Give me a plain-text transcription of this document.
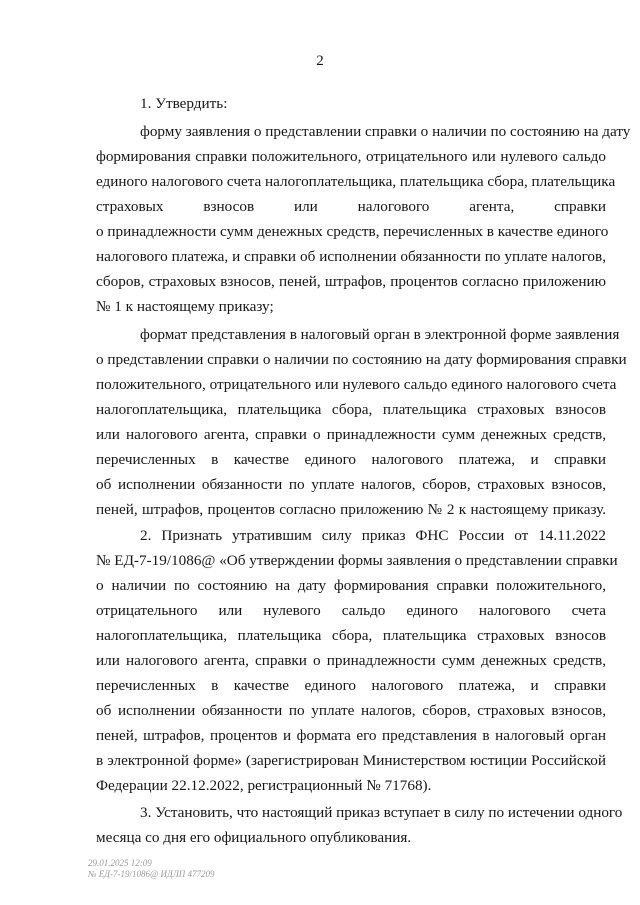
2
1. Утвердить:
форму заявления о представлении справки о наличии по состоянию на дату
формирования справки положительного, отрицательного или нулевого сальдо
единого налогового счета налогоплательщика, плательщика сбора, плательщика
страховых взносов или налогового агента, справки
о принадлежности сумм денежных средств, перечисленных в качестве единого
налогового платежа, и справки об исполнении обязанности по уплате налогов,
сборов, страховых взносов, пеней, штрафов, процентов согласно приложению
№ 1 к настоящему приказу;
формат представления в налоговый орган в электронной форме заявления
о представлении справки о наличии по состоянию на дату формирования справки
положительного, отрицательного или нулевого сальдо единого налогового счета
налогоплательщика, плательщика сбора, плательщика страховых взносов
или налогового агента, справки о принадлежности сумм денежных средств,
перечисленных в качестве единого налогового платежа, и справки
об исполнении обязанности по уплате налогов, сборов, страховых взносов,
пеней, штрафов, процентов согласно приложению № 2 к настоящему приказу.
2. Признать утратившим силу приказ ФНС России от 14.11.2022
№ ЕД-7-19/1086@ «Об утверждении формы заявления о представлении справки
о наличии по состоянию на дату формирования справки положительного,
отрицательного или нулевого сальдо единого налогового счета
налогоплательщика, плательщика сбора, плательщика страховых взносов
или налогового агента, справки о принадлежности сумм денежных средств,
перечисленных в качестве единого налогового платежа, и справки
об исполнении обязанности по уплате налогов, сборов, страховых взносов,
пеней, штрафов, процентов и формата его представления в налоговый орган
в электронной форме» (зарегистрирован Министерством юстиции Российской
Федерации 22.12.2022, регистрационный № 71768).
3. Установить, что настоящий приказ вступает в силу по истечении одного
месяца со дня его официального опубликования.
29.01.2025 12:09
№ ЕД-7-19/1086@ ИДЛП 477209
